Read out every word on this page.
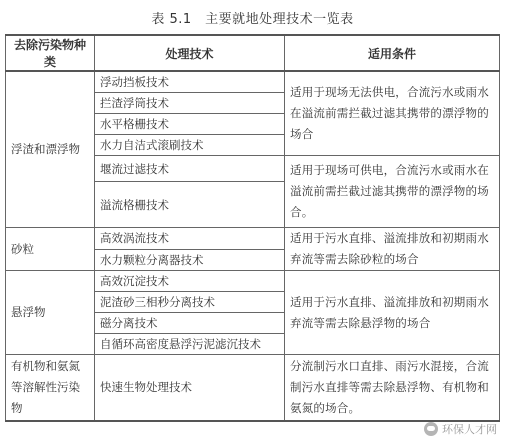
表 5.1　主要就地处理技术一览表
去除污染物种类	处理技术	适用条件
浮渣和漂浮物	浮动挡板技术	适用于现场无法供电，合流污水或雨水在溢流前需拦截过滤其携带的漂浮物的场合
	拦渣浮筒技术	
	水平格栅技术	
	水力自洁式滚刷技术	
	堰流过滤技术	适用于现场可供电，合流污水或雨水在溢流前需拦截过滤其携带的漂浮物的场合。
	溢流格栅技术	
砂粒	高效涡流技术	适用于污水直排、溢流排放和初期雨水弃流等需去除砂粒的场合
	水力颗粒分离器技术	
悬浮物	高效沉淀技术	适用于污水直排、溢流排放和初期雨水弃流等需去除悬浮物的场合
	泥渣砂三相秒分离技术	
	磁分离技术	
	自循环高密度悬浮污泥滤沉技术	
有机物和氨氮等溶解性污染物	快速生物处理技术	分流制污水口直排、雨污水混接，合流制污水直排等需去除悬浮物、有机物和氨氮的场合。
环保人才网
